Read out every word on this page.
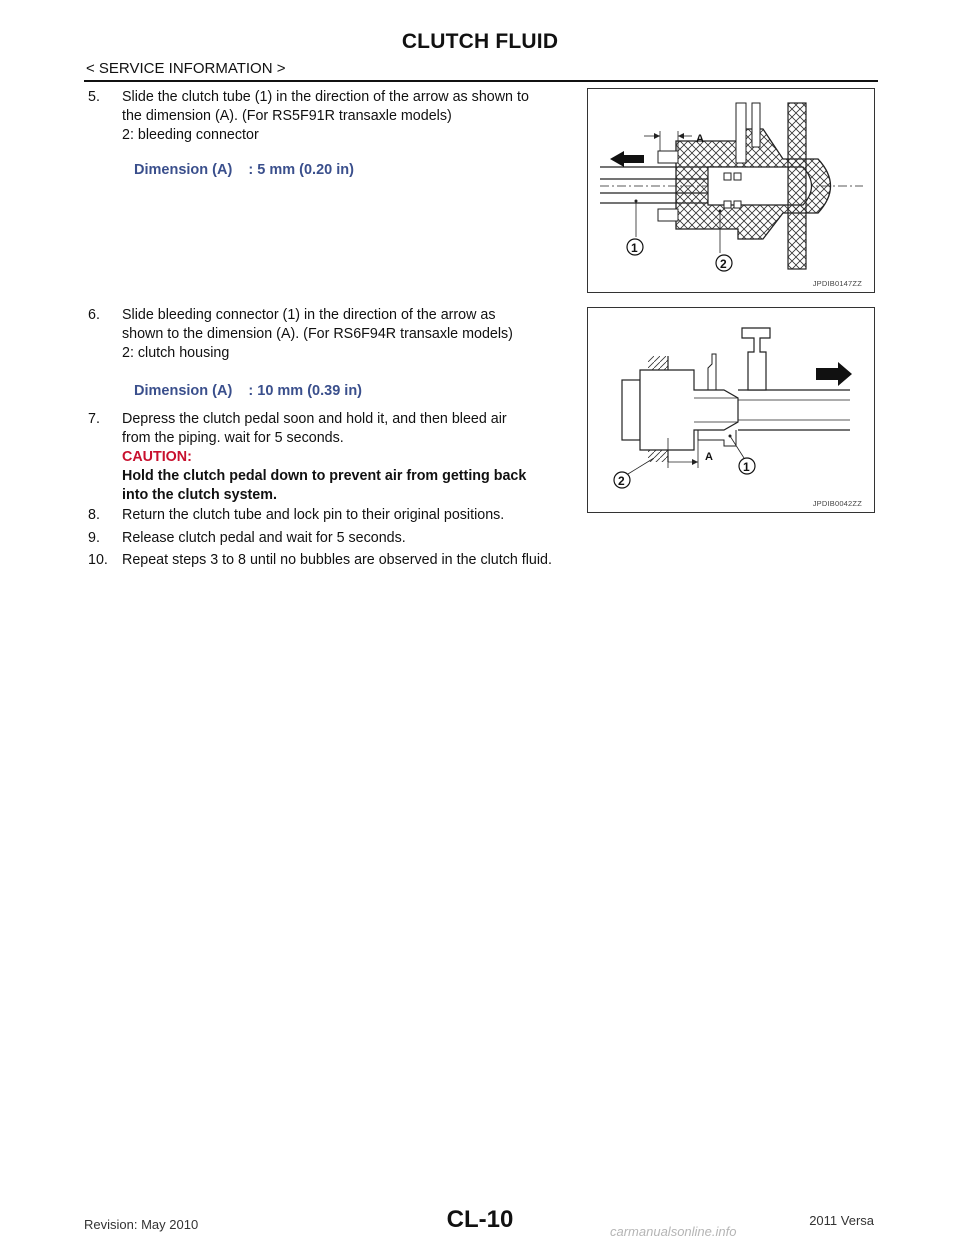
CLUTCH FLUID
< SERVICE INFORMATION >
5. Slide the clutch tube (1) in the direction of the arrow as shown to
the dimension (A). (For RS5F91R transaxle models)
2: bleeding connector
Dimension (A)    : 5 mm (0.20 in)
A
1
2
JPDIB0147ZZ
6. Slide bleeding connector (1) in the direction of the arrow as
shown to the dimension (A). (For RS6F94R transaxle models)
2: clutch housing
Dimension (A)    : 10 mm (0.39 in)
A
1
2
JPDIB0042ZZ
7. Depress the clutch pedal soon and hold it, and then bleed air
from the piping. wait for 5 seconds.
CAUTION:
Hold the clutch pedal down to prevent air from getting back
into the clutch system.
8. Return the clutch tube and lock pin to their original positions.
9. Release clutch pedal and wait for 5 seconds.
10. Repeat steps 3 to 8 until no bubbles are observed in the clutch fluid.
CL-10
Revision: May 2010	2011 Versa
carmanualsonline.info
